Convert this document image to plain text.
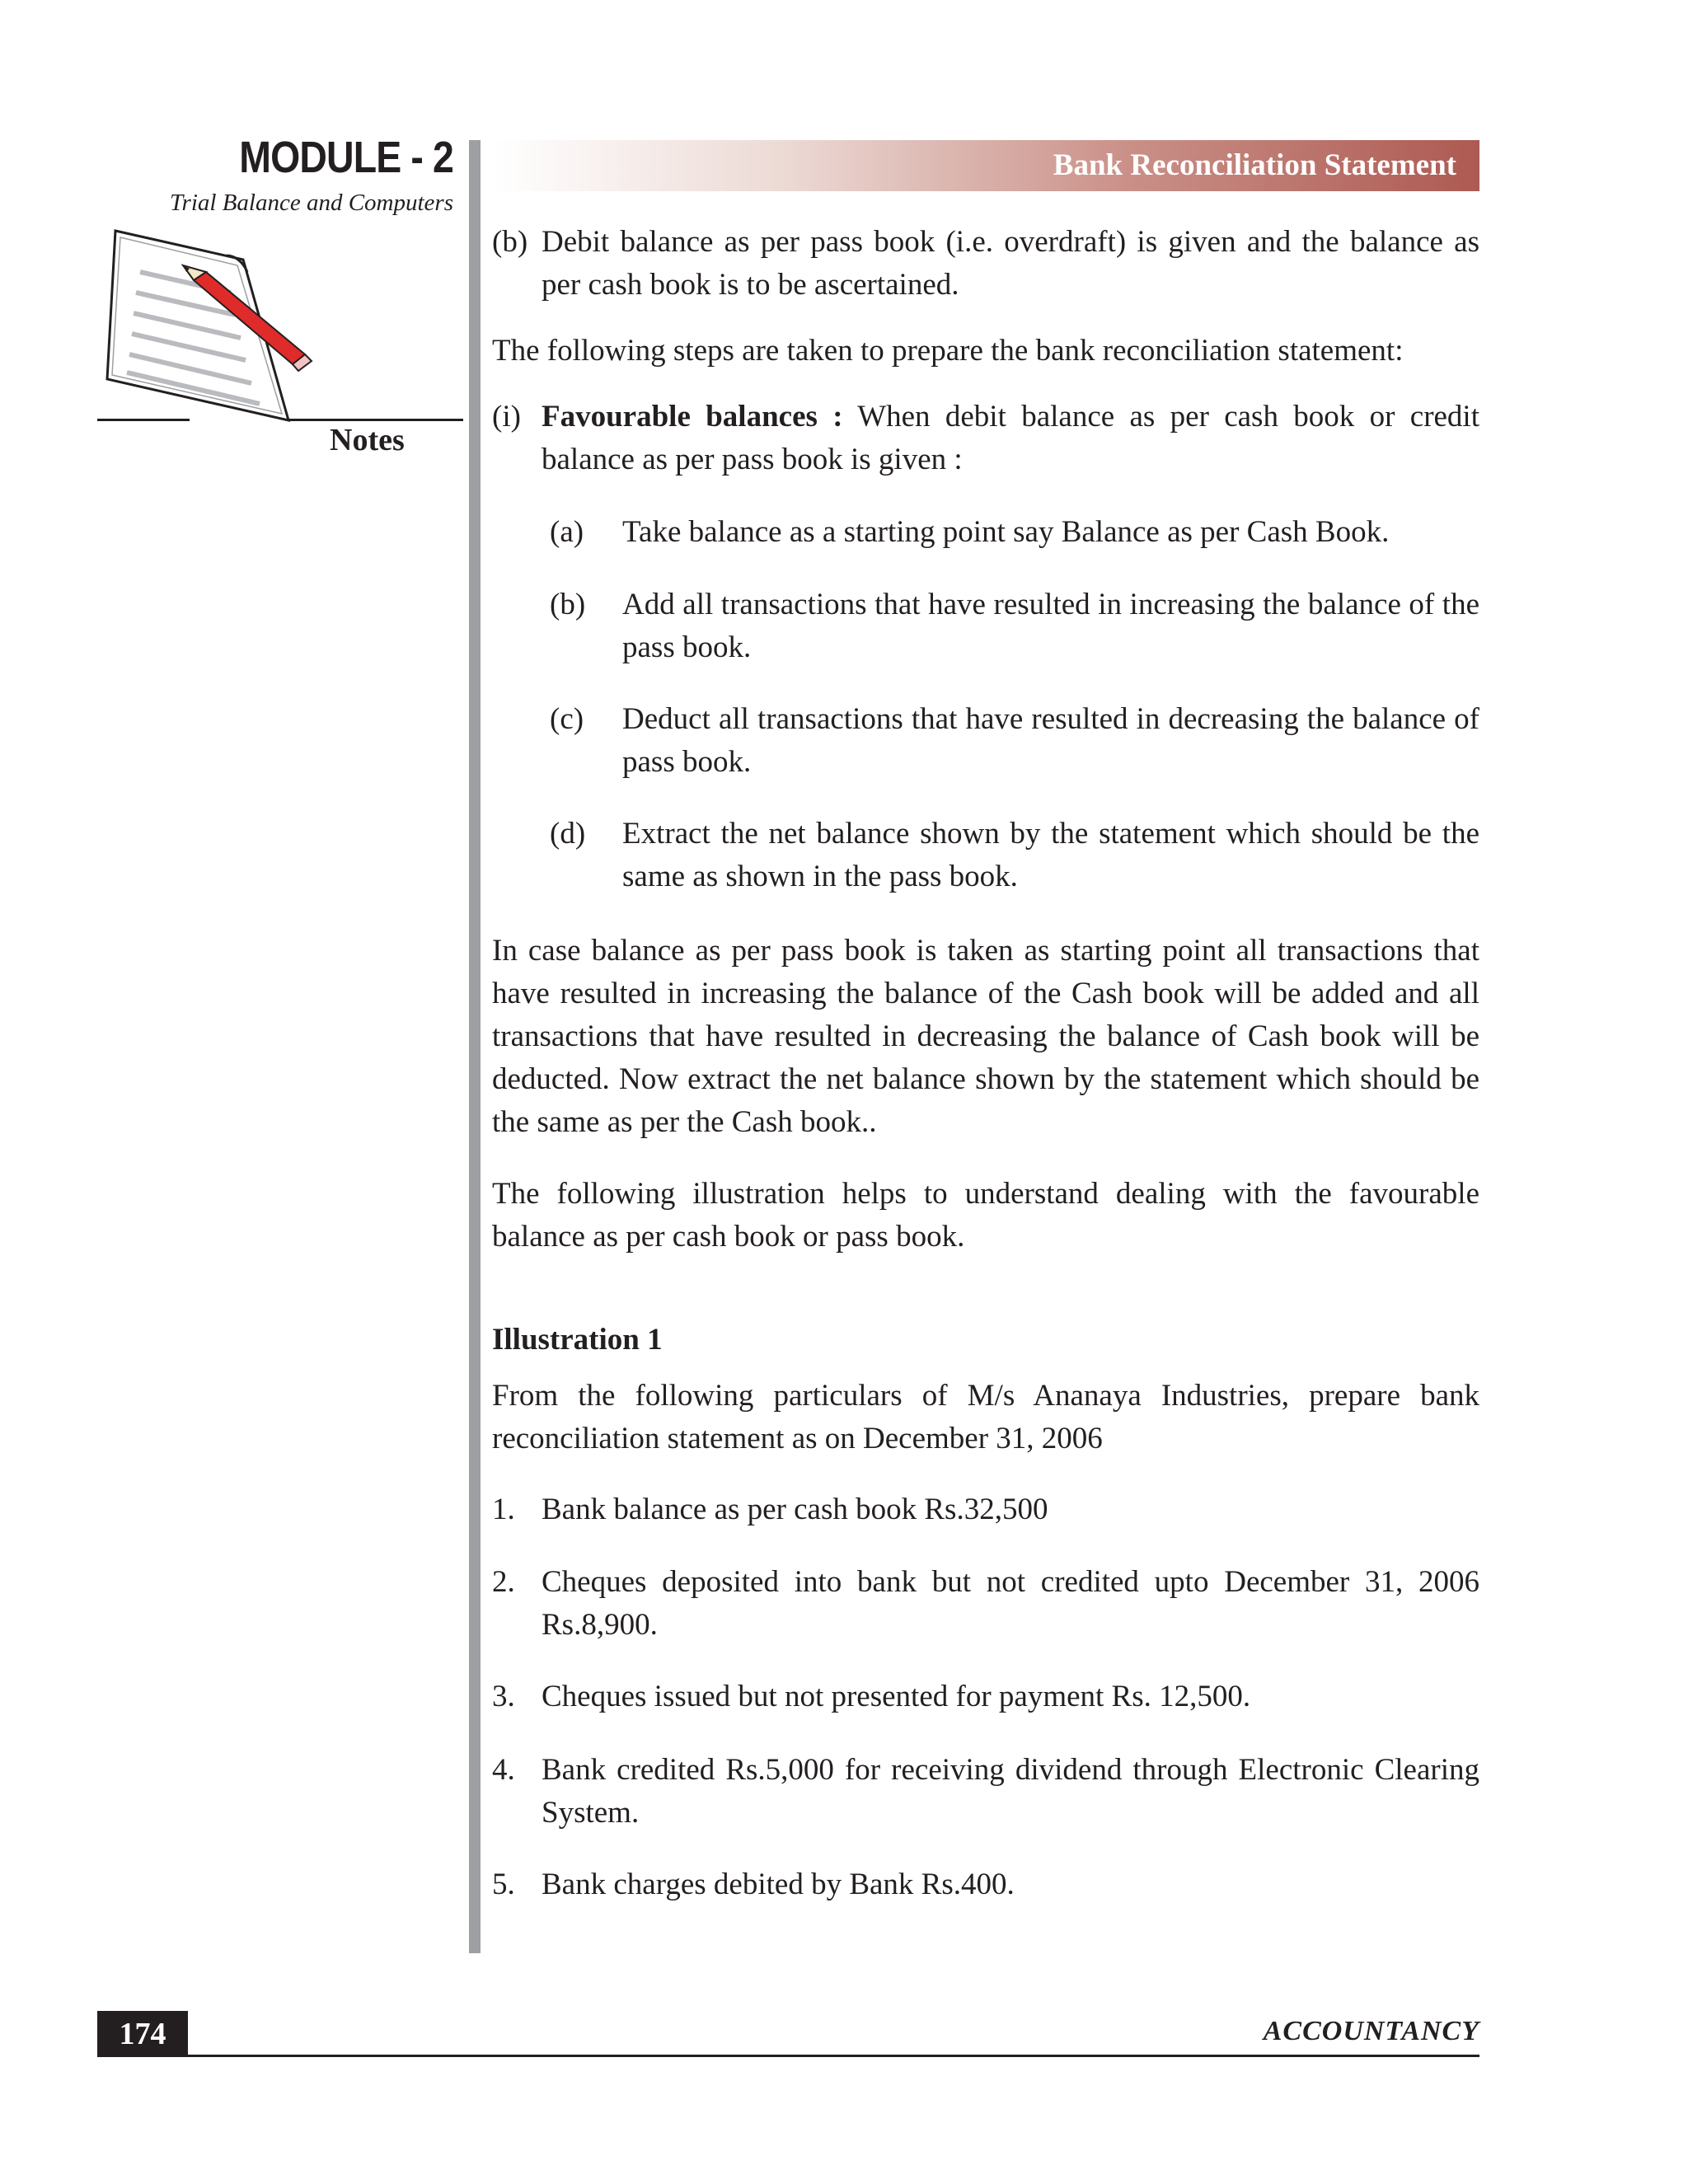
MODULE - 2
Trial Balance and Computers
Notes
Bank Reconciliation Statement
(b) Debit balance as per pass book (i.e. overdraft) is given and the balance as per cash book is to be ascertained.
The following steps are taken to prepare the bank reconciliation statement:
(i) Favourable balances : When debit balance as per cash book or credit balance as per pass book is given :
(a) Take balance as a starting point say Balance as per Cash Book.
(b) Add all transactions that have resulted in increasing the balance of the pass book.
(c) Deduct all transactions that have resulted in decreasing the balance of pass book.
(d) Extract the net balance shown by the statement which should be the same as shown in the pass book.
In case balance as per pass book is taken as starting point all transactions that have resulted in increasing the balance of the Cash book will be added and all transactions that have resulted in decreasing the balance of Cash book will be deducted. Now extract the net balance shown by the statement which should be the same as per the Cash book..
The following illustration helps to understand dealing with the favourable balance as per cash book or pass book.
Illustration 1
From the following particulars of M/s Ananaya Industries, prepare bank reconciliation statement as on December 31, 2006
1. Bank balance as per cash book Rs.32,500
2. Cheques deposited into bank but not credited upto December 31, 2006 Rs.8,900.
3. Cheques issued but not presented for payment Rs. 12,500.
4. Bank credited Rs.5,000 for receiving dividend through Electronic Clearing System.
5. Bank charges debited by Bank Rs.400.
174	ACCOUNTANCY
